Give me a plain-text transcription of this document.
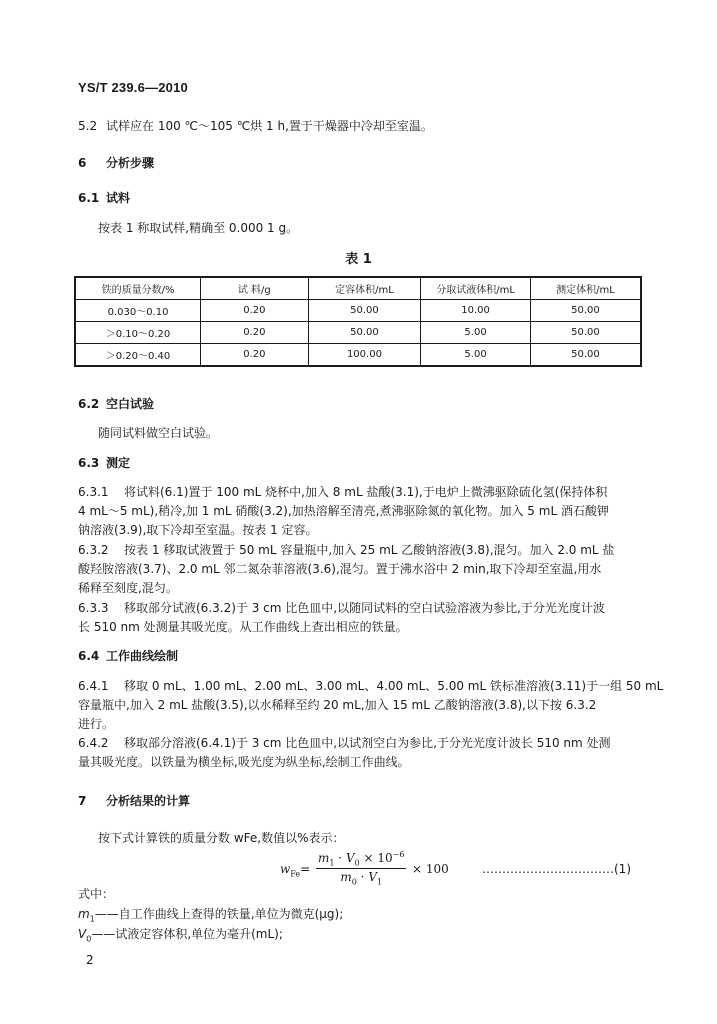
YS/T 239.6—2010
5.2 试样应在 100 ℃～105 ℃烘 1 h,置于干燥器中冷却至室温。
6 分析步骤
6.1 试料
按表 1 称取试样,精确至 0.000 1 g。
表 1
铁的质量分数/%	试 料/g	定容体积/mL	分取试液体积/mL	测定体积/mL
0.030～0.10	0.20	50.00	10.00	50.00
＞0.10～0.20	0.20	50.00	5.00	50.00
＞0.20～0.40	0.20	100.00	5.00	50.00
6.2 空白试验
随同试料做空白试验。
6.3 测定
6.3.1 将试料(6.1)置于 100 mL 烧杯中,加入 8 mL 盐酸(3.1),于电炉上微沸驱除硫化氢(保持体积
4 mL～5 mL),稍冷,加 1 mL 硝酸(3.2),加热溶解至清亮,煮沸驱除氮的氧化物。加入 5 mL 酒石酸钾
钠溶液(3.9),取下冷却至室温。按表 1 定容。
6.3.2 按表 1 移取试液置于 50 mL 容量瓶中,加入 25 mL 乙酸钠溶液(3.8),混匀。加入 2.0 mL 盐
酸羟胺溶液(3.7)、2.0 mL 邻二氮杂菲溶液(3.6),混匀。置于沸水浴中 2 min,取下冷却至室温,用水
稀释至刻度,混匀。
6.3.3 移取部分试液(6.3.2)于 3 cm 比色皿中,以随同试料的空白试验溶液为参比,于分光光度计波
长 510 nm 处测量其吸光度。从工作曲线上查出相应的铁量。
6.4 工作曲线绘制
6.4.1 移取 0 mL、1.00 mL、2.00 mL、3.00 mL、4.00 mL、5.00 mL 铁标准溶液(3.11)于一组 50 mL
容量瓶中,加入 2 mL 盐酸(3.5),以水稀释至约 20 mL,加入 15 mL 乙酸钠溶液(3.8),以下按 6.3.2
进行。
6.4.2 移取部分溶液(6.4.1)于 3 cm 比色皿中,以试剂空白为参比,于分光光度计波长 510 nm 处测
量其吸光度。以铁量为横坐标,吸光度为纵坐标,绘制工作曲线。
7 分析结果的计算
按下式计算铁的质量分数 wFe,数值以%表示：
$w_{Fe}= \frac{m_1 \cdot V_0 \times 10^{-6}}{m_0 \cdot V_1} \times 100$	……………………………(1)
式中：
$m_1——$自工作曲线上查得的铁量,单位为微克(μg);
$V_0——$试液定容体积,单位为毫升(mL);
2
